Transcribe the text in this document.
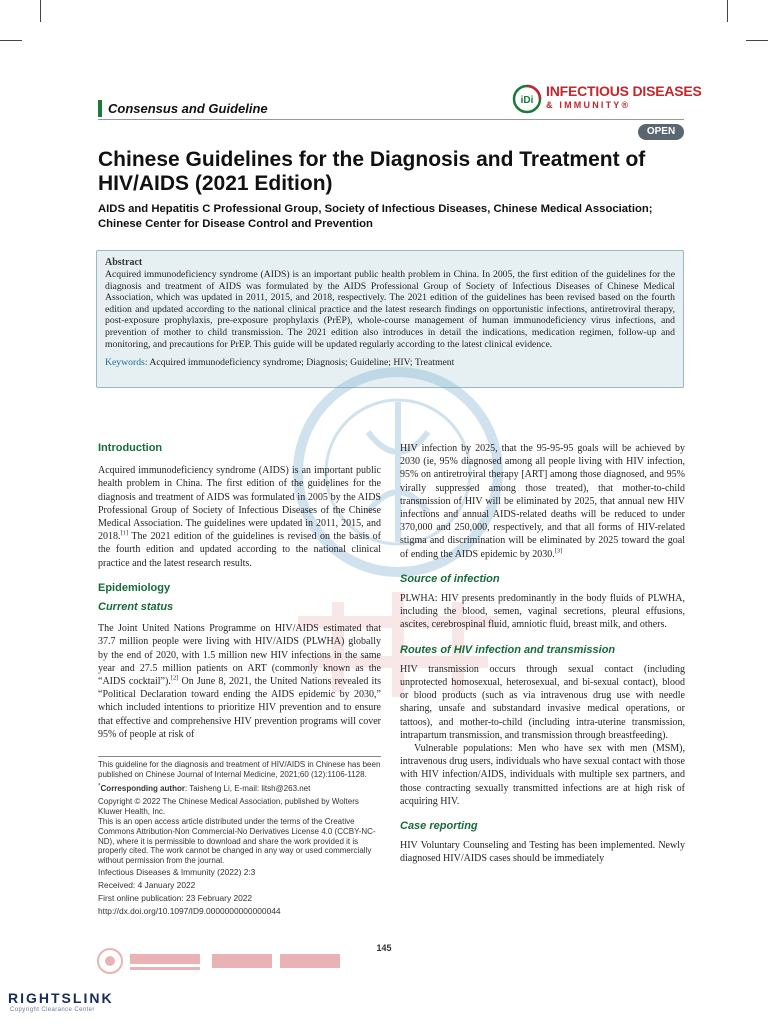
Consensus and Guideline
iDi
INFECTIOUS DISEASES
& IMMUNITY®
OPEN
Chinese Guidelines for the Diagnosis and Treatment of HIV/AIDS (2021 Edition)

AIDS and Hepatitis C Professional Group, Society of Infectious Diseases, Chinese Medical Association; Chinese Center for Disease Control and Prevention

Abstract

Acquired immunodeficiency syndrome (AIDS) is an important public health problem in China. In 2005, the first edition of the guidelines for the diagnosis and treatment of AIDS was formulated by the AIDS Professional Group of Society of Infectious Diseases of Chinese Medical Association, which was updated in 2011, 2015, and 2018, respectively. The 2021 edition of the guidelines has been revised based on the fourth edition and updated according to the national clinical practice and the latest research findings on opportunistic infections, antiretroviral therapy, post-exposure prophylaxis, pre-exposure prophylaxis (PrEP), whole-course management of human immunodeficiency virus infections, and prevention of mother to child transmission. The 2021 edition also introduces in detail the indications, medication regimen, follow-up and monitoring, and precautions for PrEP. This guide will be updated regularly according to the latest clinical evidence.

Keywords: Acquired immunodeficiency syndrome; Diagnosis; Guideline; HIV; Treatment

Introduction

Acquired immunodeficiency syndrome (AIDS) is an important public health problem in China. The first edition of the guidelines for the diagnosis and treatment of AIDS was formulated in 2005 by the AIDS Professional Group of Society of Infectious Diseases of the Chinese Medical Association. The guidelines were updated in 2011, 2015, and 2018.[1] The 2021 edition of the guidelines is revised on the basis of the fourth edition and updated according to the national clinical practice and the latest research results.

Epidemiology

Current status

The Joint United Nations Programme on HIV/AIDS estimated that 37.7 million people were living with HIV/AIDS (PLWHA) globally by the end of 2020, with 1.5 million new HIV infections in the same year and 27.5 million patients on ART (commonly known as the “AIDS cocktail”).[2] On June 8, 2021, the United Nations revealed its “Political Declaration toward ending the AIDS epidemic by 2030,” which included intentions to prioritize HIV prevention and to ensure that effective and comprehensive HIV prevention programs will cover 95% of people at risk of

This guideline for the diagnosis and treatment of HIV/AIDS in Chinese has been published on Chinese Journal of Internal Medicine, 2021;60 (12):1106-1128.

*Corresponding author: Taisheng Li, E-mail: litsh@263.net

Copyright © 2022 The Chinese Medical Association, published by Wolters Kluwer Health, Inc.

This is an open access article distributed under the terms of the Creative Commons Attribution-Non Commercial-No Derivatives License 4.0 (CCBY-NC-ND), where it is permissible to download and share the work provided it is properly cited. The work cannot be changed in any way or used commercially without permission from the journal.

Infectious Diseases & Immunity (2022) 2:3

Received: 4 January 2022

First online publication: 23 February 2022

http://dx.doi.org/10.1097/ID9.0000000000000044

HIV infection by 2025, that the 95-95-95 goals will be achieved by 2030 (ie, 95% diagnosed among all people living with HIV infection, 95% on antiretroviral therapy [ART] among those diagnosed, and 95% virally suppressed among those treated), that mother-to-child transmission of HIV will be eliminated by 2025, that annual new HIV infections and annual AIDS-related deaths will be reduced to under 370,000 and 250,000, respectively, and that all forms of HIV-related stigma and discrimination will be eliminated by 2025 toward the goal of ending the AIDS epidemic by 2030.[3]

Source of infection

PLWHA: HIV presents predominantly in the body fluids of PLWHA, including the blood, semen, vaginal secretions, pleural effusions, ascites, cerebrospinal fluid, amniotic fluid, breast milk, and others.

Routes of HIV infection and transmission

HIV transmission occurs through sexual contact (including unprotected homosexual, heterosexual, and bi-sexual contact), blood or blood products (such as via intravenous drug use with needle sharing, unsafe and substandard invasive medical operations, or tattoos), and mother-to-child (including intra-uterine transmission, intrapartum transmission, and transmission through breastfeeding).

Vulnerable populations: Men who have sex with men (MSM), intravenous drug users, individuals who have sexual contact with those with HIV infection/AIDS, individuals with multiple sex partners, and those contracting sexually transmitted infections are at high risk of acquiring HIV.

Case reporting

HIV Voluntary Counseling and Testing has been implemented. Newly diagnosed HIV/AIDS cases should be immediately

145
RIGHTSLINK
Copyright Clearance Center
